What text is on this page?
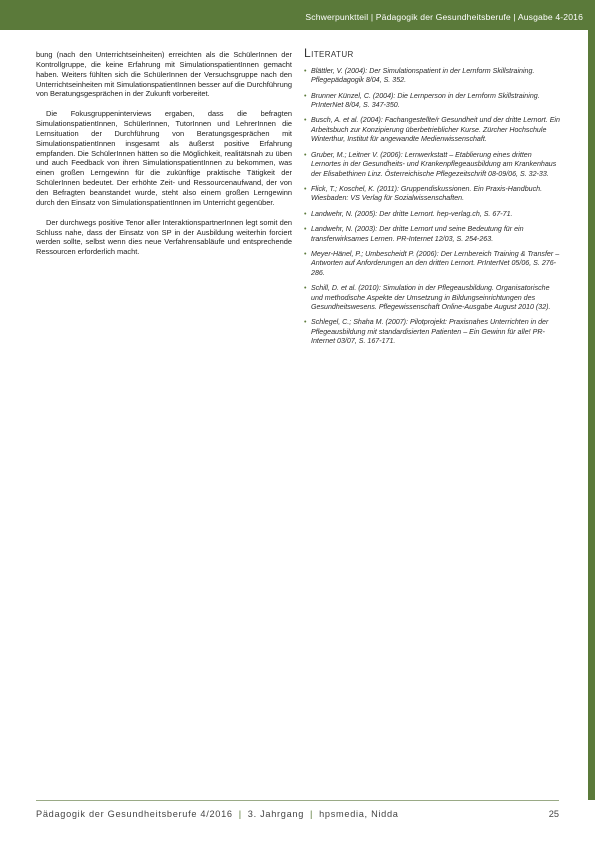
Schwerpunktteil | Pädagogik der Gesundheitsberufe | Ausgabe 4-2016

bung (nach den Unterrichtseinheiten) erreichten als die SchülerInnen der Kontrollgruppe, die keine Erfahrung mit SimulationspatientInnen gemacht haben. Weiters fühlten sich die SchülerInnen der Versuchsgruppe nach den Unterrichtseinheiten mit SimulationspatientInnen besser auf die Durchführung von Beratungsgesprächen in der Zukunft vorbereitet.

Die Fokusgruppeninterviews ergaben, dass die befragten SimulationspatientInnen, SchülerInnen, TutorInnen und LehrerInnen die Lernsituation der Durchführung von Beratungsgesprächen mit SimulationspatientInnen insgesamt als äußerst positive Erfahrung empfanden. Die SchülerInnen hätten so die Möglichkeit, realitätsnah zu üben und auch Feedback von ihren SimulationspatientInnen zu bekommen, was einen großen Lerngewinn für die zukünftige praktische Tätigkeit der SchülerInnen bedeutet. Der erhöhte Zeit- und Ressourcenaufwand, der von den Befragten beanstandet wurde, steht also einem großen Lerngewinn durch den Einsatz von SimulationspatientInnen im Unterricht gegenüber.

Der durchwegs positive Tenor aller InteraktionspartnerInnen legt somit den Schluss nahe, dass der Einsatz von SP in der Ausbildung weiterhin forciert werden sollte, selbst wenn dies neue Verfahrensabläufe und entsprechende Ressourcen erforderlich macht.

Literatur
• Blättler, V. (2004): Der Simulationspatient in der Lernform Skillstraining. Pflegepädagogik 8/04, S. 352.
• Brunner Künzel, C. (2004): Die Lernperson in der Lernform Skillstraining. PrInterNet 8/04, S. 347-350.
• Busch, A. et al. (2004): Fachangestellte/r Gesundheit und der dritte Lernort. Ein Arbeitsbuch zur Konzipierung überbetrieblicher Kurse. Zürcher Hochschule Winterthur, Institut für angewandte Medienwissenschaft.
• Gruber, M.; Leitner V. (2006): Lernwerkstatt – Etablierung eines dritten Lernortes in der Gesundheits- und Krankenpflegeausbildung am Krankenhaus der Elisabethinen Linz. Österreichische Pflegezeitschrift 08-09/06, S. 32-33.
• Flick, T.; Koschel, K. (2011): Gruppendiskussionen. Ein Praxis-Handbuch. Wiesbaden: VS Verlag für Sozialwissenschaften.
• Landwehr, N. (2005): Der dritte Lernort. hep-verlag.ch, S. 67-71.
• Landwehr, N. (2003): Der dritte Lernort und seine Bedeutung für ein transferwirksames Lernen. PR-Internet 12/03, S. 254-263.
• Meyer-Hänel, P.; Umbescheidt P. (2006): Der Lernbereich Training & Transfer – Antworten auf Anforderungen an den dritten Lernort. PrInterNet 05/06, S. 276-286.
• Schill, D. et al. (2010): Simulation in der Pflegeausbildung. Organisatorische und methodische Aspekte der Umsetzung in Bildungseinrichtungen des Gesundheitswesens. Pflegewissenschaft Online-Ausgabe August 2010 (32).
• Schlegel, C.; Shaha M. (2007): Pilotprojekt: Praxisnahes Unterrichten in der Pflegeausbildung mit standardisierten Patienten – Ein Gewinn für alle! PR-Internet 03/07, S. 167-171.
Pädagogik der Gesundheitsberufe 4/2016 | 3. Jahrgang | hpsmedia, Nidda	25
